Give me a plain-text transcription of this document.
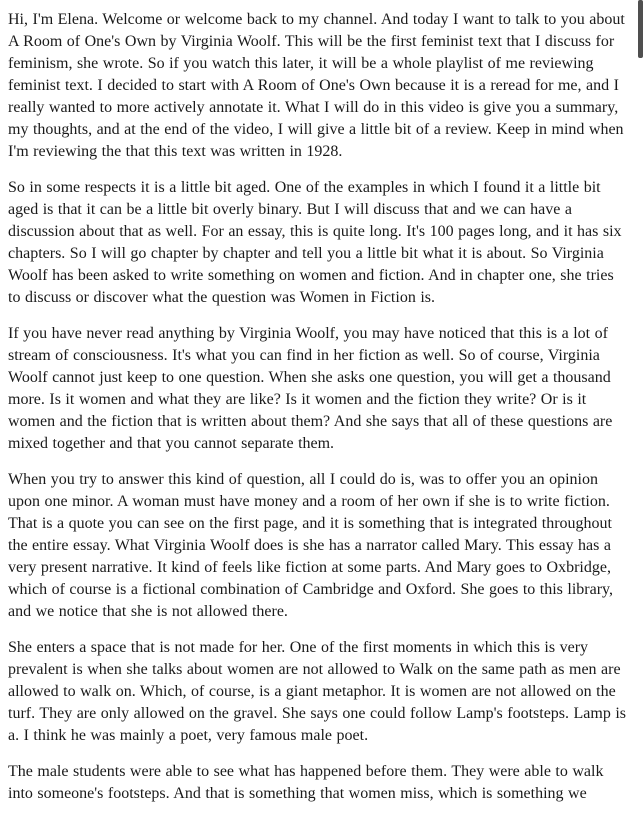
Hi, I'm Elena. Welcome or welcome back to my channel. And today I want to talk to you about A Room of One's Own by Virginia Woolf. This will be the first feminist text that I discuss for feminism, she wrote. So if you watch this later, it will be a whole playlist of me reviewing feminist text. I decided to start with A Room of One's Own because it is a reread for me, and I really wanted to more actively annotate it. What I will do in this video is give you a summary, my thoughts, and at the end of the video, I will give a little bit of a review. Keep in mind when I'm reviewing the that this text was written in 1928.

So in some respects it is a little bit aged. One of the examples in which I found it a little bit aged is that it can be a little bit overly binary. But I will discuss that and we can have a discussion about that as well. For an essay, this is quite long. It's 100 pages long, and it has six chapters. So I will go chapter by chapter and tell you a little bit what it is about. So Virginia Woolf has been asked to write something on women and fiction. And in chapter one, she tries to discuss or discover what the question was Women in Fiction is.

If you have never read anything by Virginia Woolf, you may have noticed that this is a lot of stream of consciousness. It's what you can find in her fiction as well. So of course, Virginia Woolf cannot just keep to one question. When she asks one question, you will get a thousand more. Is it women and what they are like? Is it women and the fiction they write? Or is it women and the fiction that is written about them? And she says that all of these questions are mixed together and that you cannot separate them.

When you try to answer this kind of question, all I could do is, was to offer you an opinion upon one minor. A woman must have money and a room of her own if she is to write fiction. That is a quote you can see on the first page, and it is something that is integrated throughout the entire essay. What Virginia Woolf does is she has a narrator called Mary. This essay has a very present narrative. It kind of feels like fiction at some parts. And Mary goes to Oxbridge, which of course is a fictional combination of Cambridge and Oxford. She goes to this library, and we notice that she is not allowed there.

She enters a space that is not made for her. One of the first moments in which this is very prevalent is when she talks about women are not allowed to Walk on the same path as men are allowed to walk on. Which, of course, is a giant metaphor. It is women are not allowed on the turf. They are only allowed on the gravel. She says one could follow Lamp's footsteps. Lamp is a. I think he was mainly a poet, very famous male poet.

The male students were able to see what has happened before them. They were able to walk into someone's footsteps. And that is something that women miss, which is something we
